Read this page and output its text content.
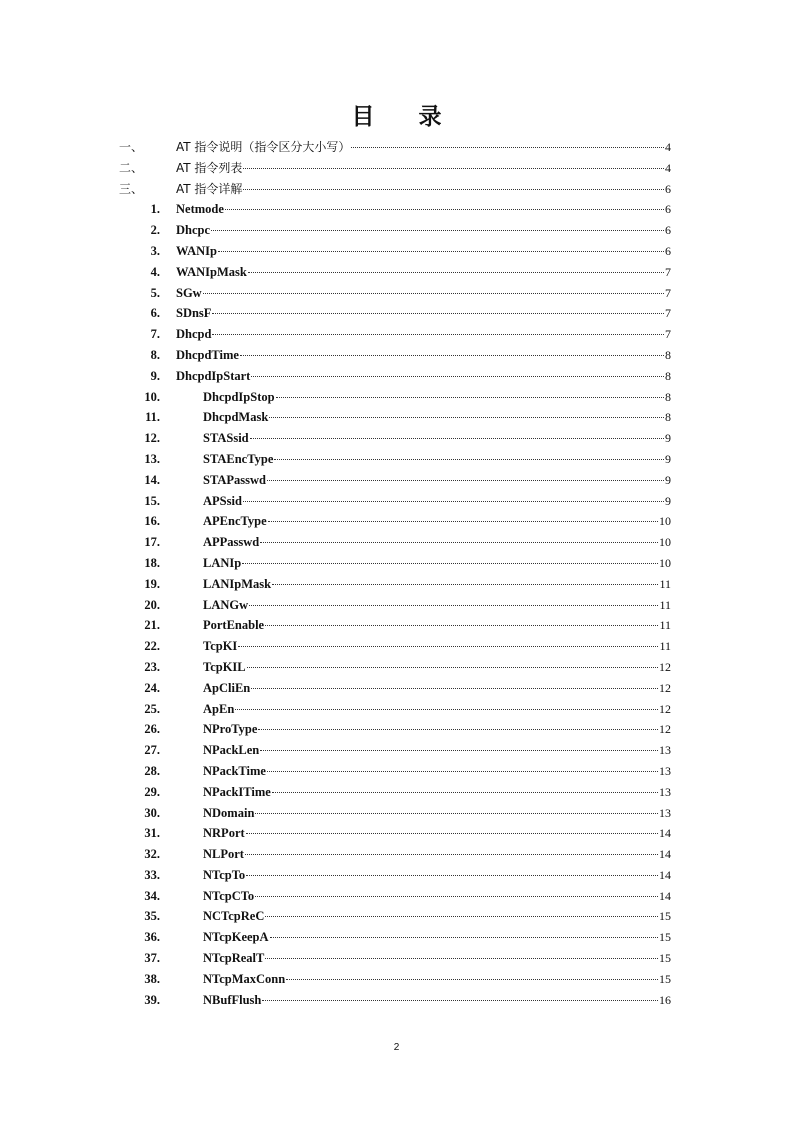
目 录
一、	AT 指令说明（指令区分大小写）	4
二、	AT 指令列表	4
三、	AT 指令详解	6
1. Netmode	6
2. Dhcpc	6
3. WANIp	6
4. WANIpMask	7
5. SGw	7
6. SDnsF	7
7. Dhcpd	7
8. DhcpdTime	8
9. DhcpdIpStart	8
10.	DhcpdIpStop	8
11.	DhcpdMask	8
12.	STASsid	9
13.	STAEncType	9
14.	STAPasswd	9
15.	APSsid	9
16.	APEncType	10
17.	APPasswd	10
18.	LANIp	10
19.	LANIpMask	11
20.	LANGw	11
21.	PortEnable	11
22.	TcpKI	11
23.	TcpKIL	12
24.	ApCliEn	12
25.	ApEn	12
26.	NProType	12
27.	NPackLen	13
28.	NPackTime	13
29.	NPackITime	13
30.	NDomain	13
31.	NRPort	14
32.	NLPort	14
33.	NTcpTo	14
34.	NTcpCTo	14
35.	NCTcpReC	15
36.	NTcpKeepA	15
37.	NTcpRealT	15
38.	NTcpMaxConn	15
39.	NBufFlush	16
2
